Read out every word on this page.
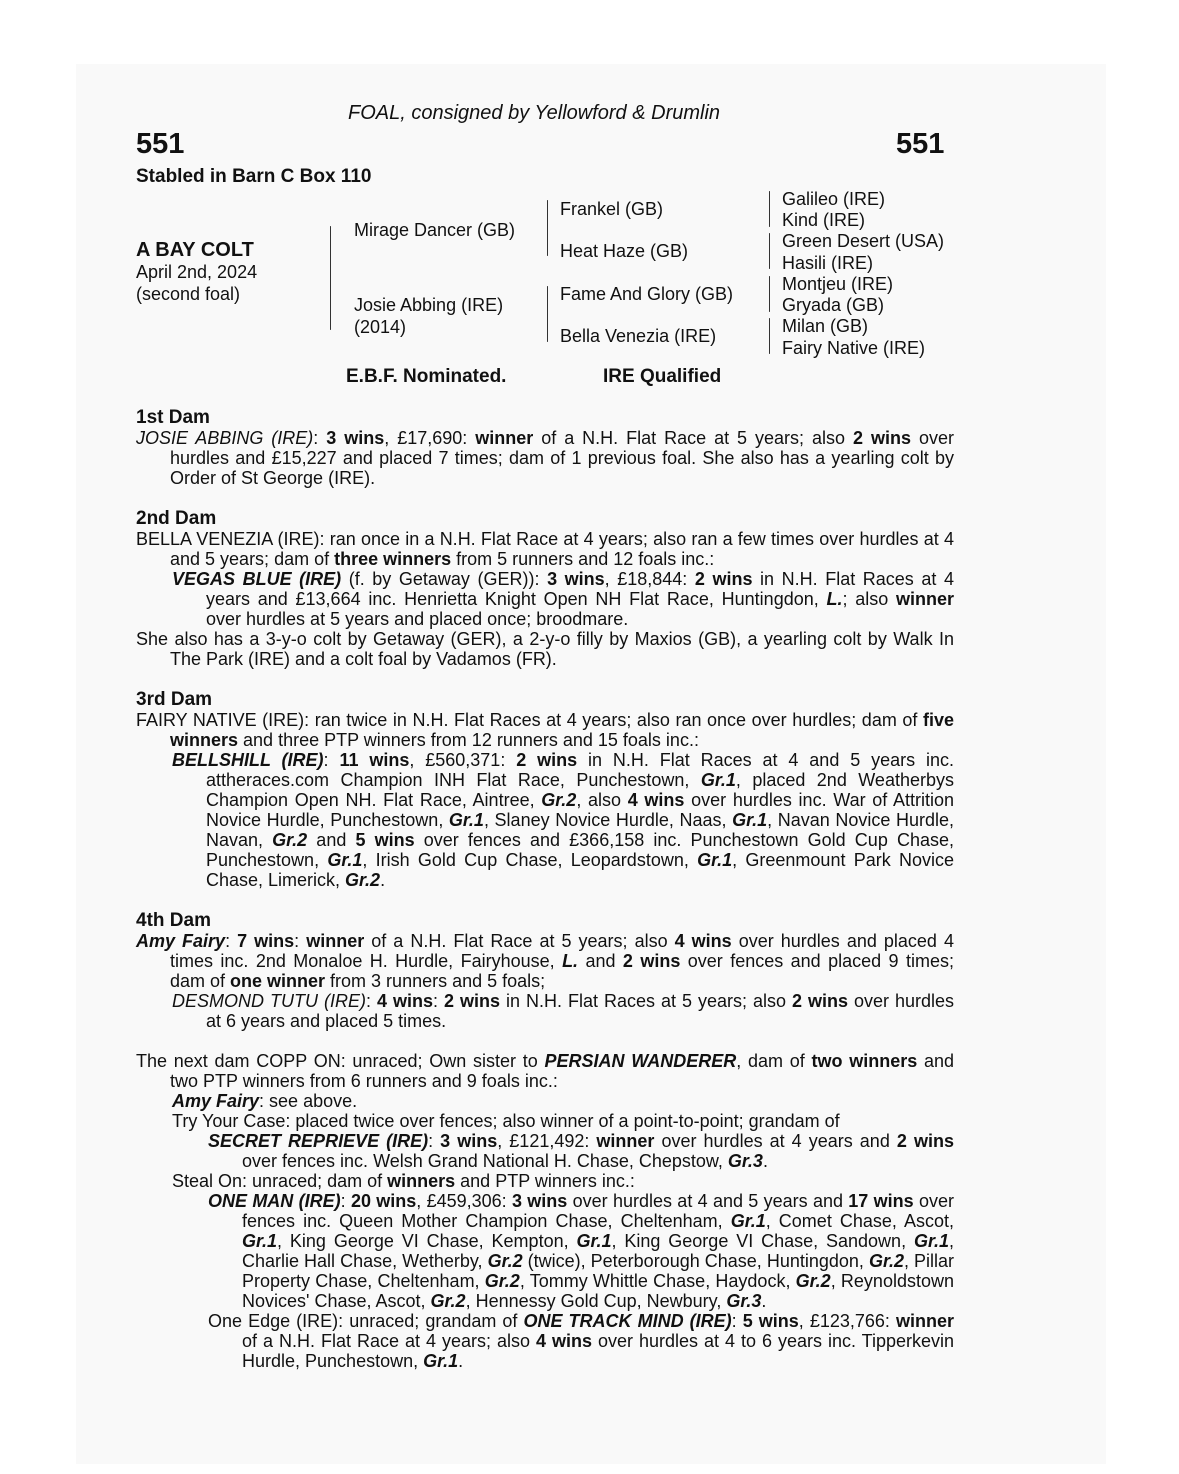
FOAL, consigned by Yellowford & Drumlin
551	551
Stabled in Barn C Box 110
A BAY COLT
April 2nd, 2024
(second foal)
Mirage Dancer (GB)
Josie Abbing (IRE)
(2014)
Frankel (GB)
Heat Haze (GB)
Fame And Glory (GB)
Bella Venezia (IRE)
Galileo (IRE)
Kind (IRE)
Green Desert (USA)
Hasili (IRE)
Montjeu (IRE)
Gryada (GB)
Milan (GB)
Fairy Native (IRE)
E.B.F. Nominated.	IRE Qualified
1st Dam
JOSIE ABBING (IRE): 3 wins, £17,690: winner of a N.H. Flat Race at 5 years; also 2 wins over hurdles and £15,227 and placed 7 times; dam of 1 previous foal. She also has a yearling colt by Order of St George (IRE).
2nd Dam
BELLA VENEZIA (IRE): ran once in a N.H. Flat Race at 4 years; also ran a few times over hurdles at 4 and 5 years; dam of three winners from 5 runners and 12 foals inc.:
VEGAS BLUE (IRE) (f. by Getaway (GER)): 3 wins, £18,844: 2 wins in N.H. Flat Races at 4 years and £13,664 inc. Henrietta Knight Open NH Flat Race, Huntingdon, L.; also winner over hurdles at 5 years and placed once; broodmare.
She also has a 3-y-o colt by Getaway (GER), a 2-y-o filly by Maxios (GB), a yearling colt by Walk In The Park (IRE) and a colt foal by Vadamos (FR).
3rd Dam
FAIRY NATIVE (IRE): ran twice in N.H. Flat Races at 4 years; also ran once over hurdles; dam of five winners and three PTP winners from 12 runners and 15 foals inc.:
BELLSHILL (IRE): 11 wins, £560,371: 2 wins in N.H. Flat Races at 4 and 5 years inc. attheraces.com Champion INH Flat Race, Punchestown, Gr.1, placed 2nd Weatherbys Champion Open NH. Flat Race, Aintree, Gr.2, also 4 wins over hurdles inc. War of Attrition Novice Hurdle, Punchestown, Gr.1, Slaney Novice Hurdle, Naas, Gr.1, Navan Novice Hurdle, Navan, Gr.2 and 5 wins over fences and £366,158 inc. Punchestown Gold Cup Chase, Punchestown, Gr.1, Irish Gold Cup Chase, Leopardstown, Gr.1, Greenmount Park Novice Chase, Limerick, Gr.2.
4th Dam
Amy Fairy: 7 wins: winner of a N.H. Flat Race at 5 years; also 4 wins over hurdles and placed 4 times inc. 2nd Monaloe H. Hurdle, Fairyhouse, L. and 2 wins over fences and placed 9 times; dam of one winner from 3 runners and 5 foals;
DESMOND TUTU (IRE): 4 wins: 2 wins in N.H. Flat Races at 5 years; also 2 wins over hurdles at 6 years and placed 5 times.
The next dam COPP ON: unraced; Own sister to PERSIAN WANDERER, dam of two winners and two PTP winners from 6 runners and 9 foals inc.:
Amy Fairy: see above.
Try Your Case: placed twice over fences; also winner of a point-to-point; grandam of
SECRET REPRIEVE (IRE): 3 wins, £121,492: winner over hurdles at 4 years and 2 wins over fences inc. Welsh Grand National H. Chase, Chepstow, Gr.3.
Steal On: unraced; dam of winners and PTP winners inc.:
ONE MAN (IRE): 20 wins, £459,306: 3 wins over hurdles at 4 and 5 years and 17 wins over fences inc. Queen Mother Champion Chase, Cheltenham, Gr.1, Comet Chase, Ascot, Gr.1, King George VI Chase, Kempton, Gr.1, King George VI Chase, Sandown, Gr.1, Charlie Hall Chase, Wetherby, Gr.2 (twice), Peterborough Chase, Huntingdon, Gr.2, Pillar Property Chase, Cheltenham, Gr.2, Tommy Whittle Chase, Haydock, Gr.2, Reynoldstown Novices' Chase, Ascot, Gr.2, Hennessy Gold Cup, Newbury, Gr.3.
One Edge (IRE): unraced; grandam of ONE TRACK MIND (IRE): 5 wins, £123,766: winner of a N.H. Flat Race at 4 years; also 4 wins over hurdles at 4 to 6 years inc. Tipperkevin Hurdle, Punchestown, Gr.1.
